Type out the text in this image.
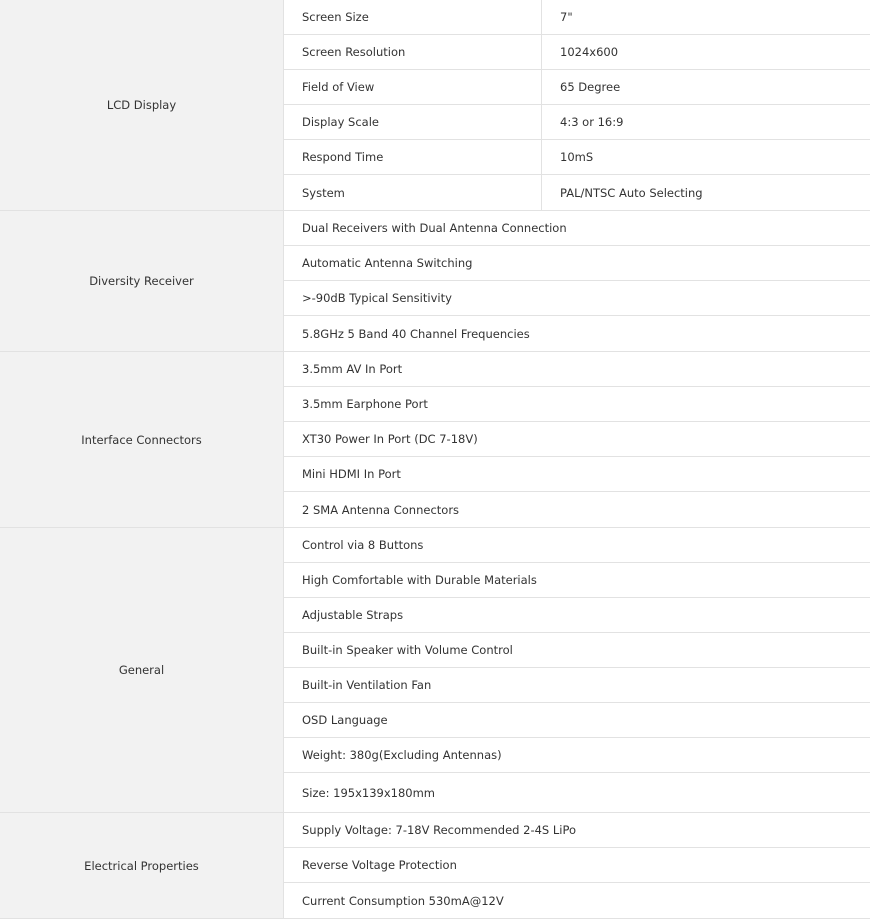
LCD Display
Screen Size	7"
Screen Resolution	1024x600
Field of View	65 Degree
Display Scale	4:3 or 16:9
Respond Time	10mS
System	PAL/NTSC Auto Selecting
Diversity Receiver
Dual Receivers with Dual Antenna Connection
Automatic Antenna Switching
>-90dB Typical Sensitivity
5.8GHz 5 Band 40 Channel Frequencies
Interface Connectors
3.5mm AV In Port
3.5mm Earphone Port
XT30 Power In Port (DC 7-18V)
Mini HDMI In Port
2 SMA Antenna Connectors
General
Control via 8 Buttons
High Comfortable with Durable Materials
Adjustable Straps
Built-in Speaker with Volume Control
Built-in Ventilation Fan
OSD Language
Weight: 380g(Excluding Antennas)
Size: 195x139x180mm
Electrical Properties
Supply Voltage: 7-18V Recommended 2-4S LiPo
Reverse Voltage Protection
Current Consumption 530mA@12V
